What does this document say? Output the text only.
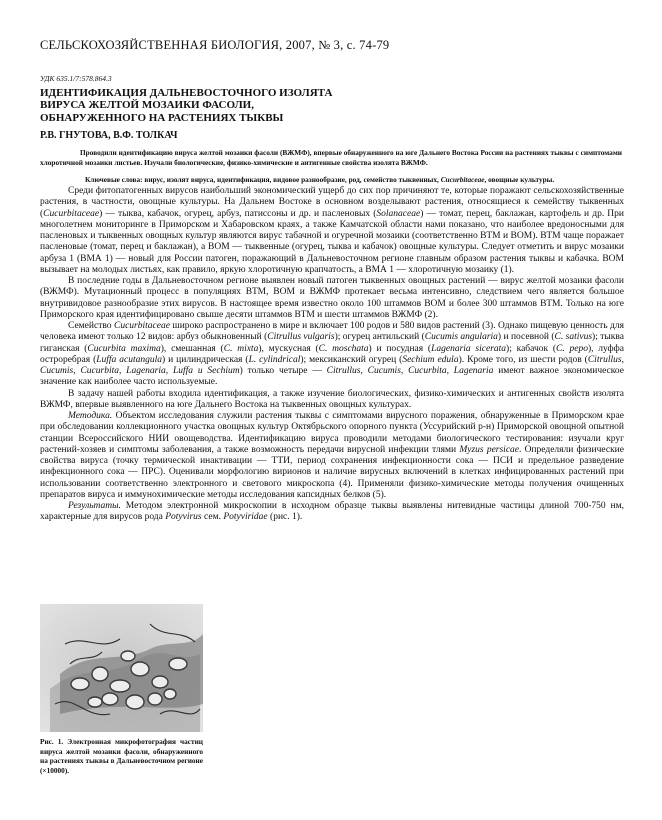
СЕЛЬСКОХОЗЯЙСТВЕННАЯ БИОЛОГИЯ, 2007, № 3, с. 74-79
УДК 635.1/7:578.864.3
ИДЕНТИФИКАЦИЯ ДАЛЬНЕВОСТОЧНОГО ИЗОЛЯТА
ВИРУСА ЖЕЛТОЙ МОЗАИКИ ФАСОЛИ,
ОБНАРУЖЕННОГО НА РАСТЕНИЯХ ТЫКВЫ
Р.В. ГНУТОВА, В.Ф. ТОЛКАЧ
Проводили идентификацию вируса желтой мозаики фасоли (ВЖМФ), впервые обнаруженного на юге Дальнего Востока России на растениях тыквы с симптомами хлоротичной мозаики листьев. Изучали биологические, физико-химические и антигенные свойства изолята ВЖМФ.
Ключевые слова: вирус, изолят вируса, идентификация, видовое разнообразие, род, семейство тыквенных, Cucurbitaceae, овощные культуры.

Среди фитопатогенных вирусов наибольший экономический ущерб до сих пор причиняют те, которые поражают сельскохозяйственные растения, в частности, овощные культуры. На Дальнем Востоке в основном возделывают растения, относящиеся к семейству тыквенных (Cucurbitaceae) — тыква, кабачок, огурец, арбуз, патиссоны и др. и пасленовых (Solanaceae) — томат, перец, баклажан, картофель и др. При многолетнем мониторинге в Приморском и Хабаровском краях, а также Камчатской области нами показано, что наиболее вредоносными для пасленовых и тыквенных овощных культур являются вирус табачной и огуречной мозаики (соответственно ВТМ и ВОМ). ВТМ чаще поражает пасленовые (томат, перец и баклажан), а ВОМ — тыквенные (огурец, тыква и кабачок) овощные культуры. Следует отметить и вирус мозаики арбуза 1 (ВМА 1) — новый для России патоген, поражающий в Дальневосточном регионе главным образом растения тыквы и кабачка. ВОМ вызывает на молодых листьях, как правило, яркую хлоротичную крапчатость, а ВМА 1 — хлоротичную мозаику (1).

В последние годы в Дальневосточном регионе выявлен новый патоген тыквенных овощных растений — вирус желтой мозаики фасоли (ВЖМФ). Мутационный процесс в популяциях ВТМ, ВОМ и ВЖМФ протекает весьма интенсивно, следствием чего является большое внутривидовое разнообразие этих вирусов. В настоящее время известно около 100 штаммов ВОМ и более 300 штаммов ВТМ. Только на юге Приморского края идентифицировано свыше десяти штаммов ВТМ и шести штаммов ВЖМФ (2).

Семейство Cucurbitaceae широко распространено в мире и включает 100 родов и 580 видов растений (3). Однако пищевую ценность для человека имеют только 12 видов: арбуз обыкновенный (Citrullus vulgaris); огурец антильский (Cucumis angularia) и посевной (C. sativus); тыква гиганская (Cucurbita maxima), смешанная (C. mixta), мускусная (C. moschata) и посудная (Lagenaria sicerata); кабачок (C. pepo), луффа остроребрая (Luffa acutangula) и цилиндрическая (L. cylindrical); мексиканский огурец (Sechium edula). Кроме того, из шести родов (Citrullus, Cucumis, Cucurbita, Lagenaria, Luffa и Sechium) только четыре — Citrullus, Cucumis, Cucurbita, Lagenaria имеют важное экономическое значение как наиболее часто используемые.

В задачу нашей работы входила идентификация, а также изучение биологических, физико-химических и антигенных свойств изолята ВЖМФ, впервые выявленного на юге Дальнего Востока на тыквенных овощных культурах.

Методика. Объектом исследования служили растения тыквы с симптомами вирусного поражения, обнаруженные в Приморском крае при обследовании коллекционного участка овощных культур Октябрьского опорного пункта (Уссурийский р-н) Приморской овощной опытной станции Всероссийского НИИ овощеводства. Идентификацию вируса проводили методами биологического тестирования: изучали круг растений-хозяев и симптомы заболевания, а также возможность передачи вирусной инфекции тлями Myzus persicae. Определяли физические свойства вируса (точку термической инактивации — ТТИ, период сохранения инфекционности сока — ПСИ и предельное разведение инфекционного сока — ПРС). Оценивали морфологию вирионов и наличие вирусных включений в клетках инфицированных растений при использовании соответственно электронного и светового микроскопа (4). Применяли физико-химические методы получения очищенных препаратов вируса и иммунохимические методы исследования капсидных белков (5).

Результаты. Методом электронной микроскопии в исходном образце тыквы выявлены нитевидные частицы длиной 700-750 нм, характерные для вирусов рода Potyvirus сем. Potyviridae (рис. 1).

Рис. 1. Электронная микрофотография частиц вируса желтой мозаики фасоли, обнаруженного на растениях тыквы в Дальневосточном регионе (×10000).
